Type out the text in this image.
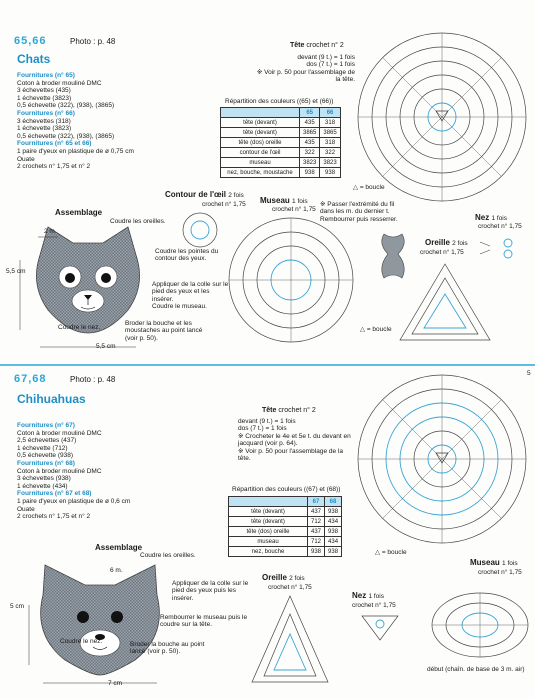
65,66	Photo : p. 48
Chats
Fournitures (n° 65)
Coton à broder mouliné DMC
3 échevettes (435)
1 échevette (3823)
0,5 échevette (322), (938), (3865)
Fournitures (n° 66)
3 échevettes (318)
1 échevette (3823)
0,5 échevette (322), (938), (3865)
Fournitures (n° 65 et 66)
1 paire d'yeux en plastique de ø 0,75 cm
Ouate
2 crochets n° 1,75 et n° 2
Assemblage
2 m.
Coudre les oreilles.
Coudre les pointes du contour des yeux.
Appliquer de la colle sur le pied des yeux et les insérer.
Coudre le museau.
5,5 cm
Coudre le nez.
Broder la bouche et les moustaches au point lancé (voir p. 50).
5,5 cm
Tête crochet n° 2
devant (9 t.) = 1 fois
dos (7 t.) = 1 fois
※ Voir p. 50 pour l'assemblage de la tête.
Répartition des couleurs ((65) et (66))
	65	66
tête (devant)	435	318
tête (devant)	3865	3865
tête (dos) oreille	435	318
contour de l'œil	322	322
museau	3823	3823
nez, bouche, moustache	938	938
△ = boucle
Contour de l'œil 2 fois
crochet n° 1,75 Museau 1 fois
crochet n° 1,75
※ Passer l'extrémité du fil dans les m. du dernier t. Rembourrer puis resserrer.	Nez 1 fois
crochet n° 1,75
Oreille 2 fois
crochet n° 1,75
△ = boucle
67,68	Photo : p. 48
Chihuahuas
Fournitures (n° 67)
Coton à broder mouliné DMC
2,5 échevettes (437)
1 échevette (712)
0,5 échevette (938)
Fournitures (n° 68)
Coton à broder mouliné DMC
3 échevettes (938)
1 échevette (434)
Fournitures (n° 67 et 68)
1 paire d'yeux en plastique de ø 0,6 cm
Ouate
2 crochets n° 1,75 et n° 2
Assemblage
6 m.
Coudre les oreilles.
Appliquer de la colle sur le pied des yeux puis les insérer.
Rembourrer le museau puis le coudre sur la tête.
5 cm
Coudre le nez.	Broder la bouche au point lancé (voir p. 50).
7 cm
Tête crochet n° 2
devant (9 t.) = 1 fois
dos (7 t.) = 1 fois
※ Crocheter le 4e et 5e t. du devant en jacquard (voir p. 64).
※ Voir p. 50 pour l'assemblage de la tête.
Répartition des couleurs ((67) et (68))
	67	68
tête (devant)	437	938
tête (devant)	712	434
tête (dos) oreille	437	938
museau	712	434
nez, bouche	938	938	△ = boucle
Oreille 2 fois
crochet n° 1,75
Nez 1 fois
crochet n° 1,75
Museau 1 fois
crochet n° 1,75
début (chaîn. de base de 3 m. air)
5
